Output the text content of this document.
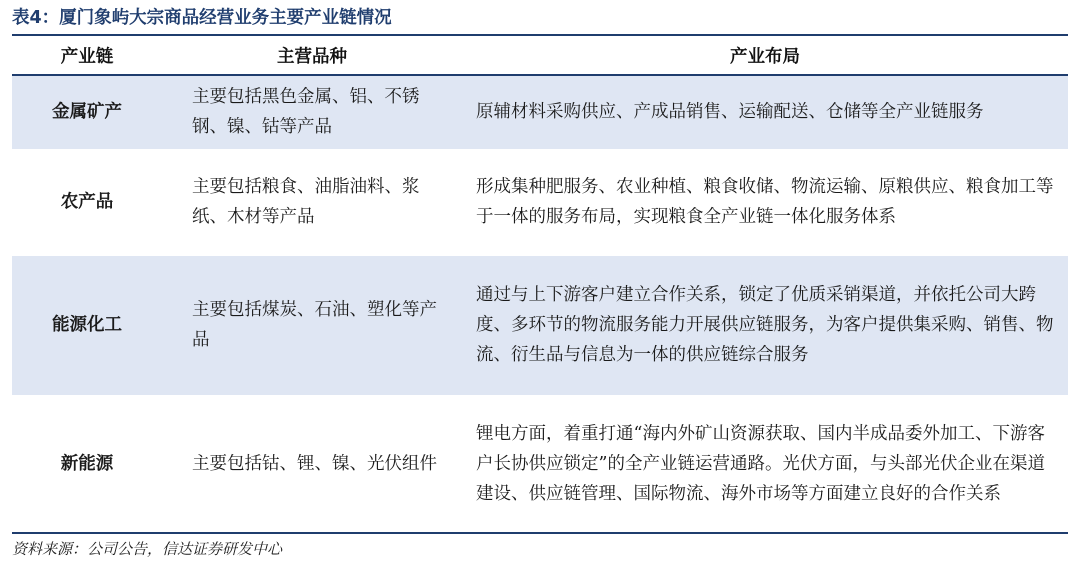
表4：厦门象屿大宗商品经营业务主要产业链情况
产业链	主营品种	产业布局
金属矿产	主要包括黑色金属、铝、不锈钢、镍、钴等产品	原辅材料采购供应、产成品销售、运输配送、仓储等全产业链服务

农产品	主要包括粮食、油脂油料、浆纸、木材等产品	形成集种肥服务、农业种植、粮食收储、物流运输、原粮供应、粮食加工等于一体的服务布局，实现粮食全产业链一体化服务体系

能源化工	主要包括煤炭、石油、塑化等产品	通过与上下游客户建立合作关系，锁定了优质采销渠道，并依托公司大跨度、多环节的物流服务能力开展供应链服务，为客户提供集采购、销售、物流、衍生品与信息为一体的供应链综合服务

新能源	主要包括钴、锂、镍、光伏组件	锂电方面，着重打通“海内外矿山资源获取、国内半成品委外加工、下游客户长协供应锁定”的全产业链运营通路。光伏方面，与头部光伏企业在渠道建设、供应链管理、国际物流、海外市场等方面建立良好的合作关系
资料来源：公司公告，信达证券研发中心
